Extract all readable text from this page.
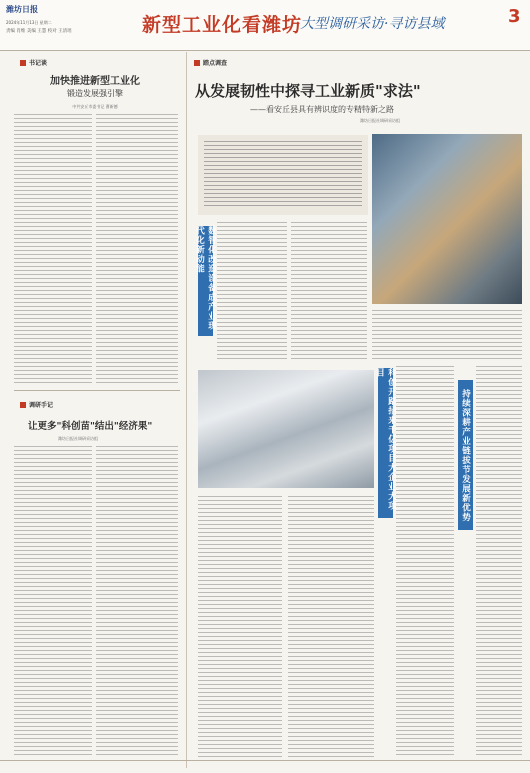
潍坊日报
2024年11月13日 星期二
责编 肖维 美编 王慧 校对 王清瑶	新型工业化看潍坊
大型调研采访·寻访县域	3
书记谈
加快推进新型工业化
锻造发展强引擎
中共安丘市委书记 曹新德
调研手记
让更多"科创苗"结出"经济果"
潍坊日报社调研采访组
踏点调查
从发展韧性中探寻工业新质"求法"
——看安丘县具有辨识度的专精特新之路
潍坊日报社调研采访组
数智化改造设备成产业现代化新动能
科创开路招来千亿项目大企业大项目
持续深耕产业链拔节发展新优势
